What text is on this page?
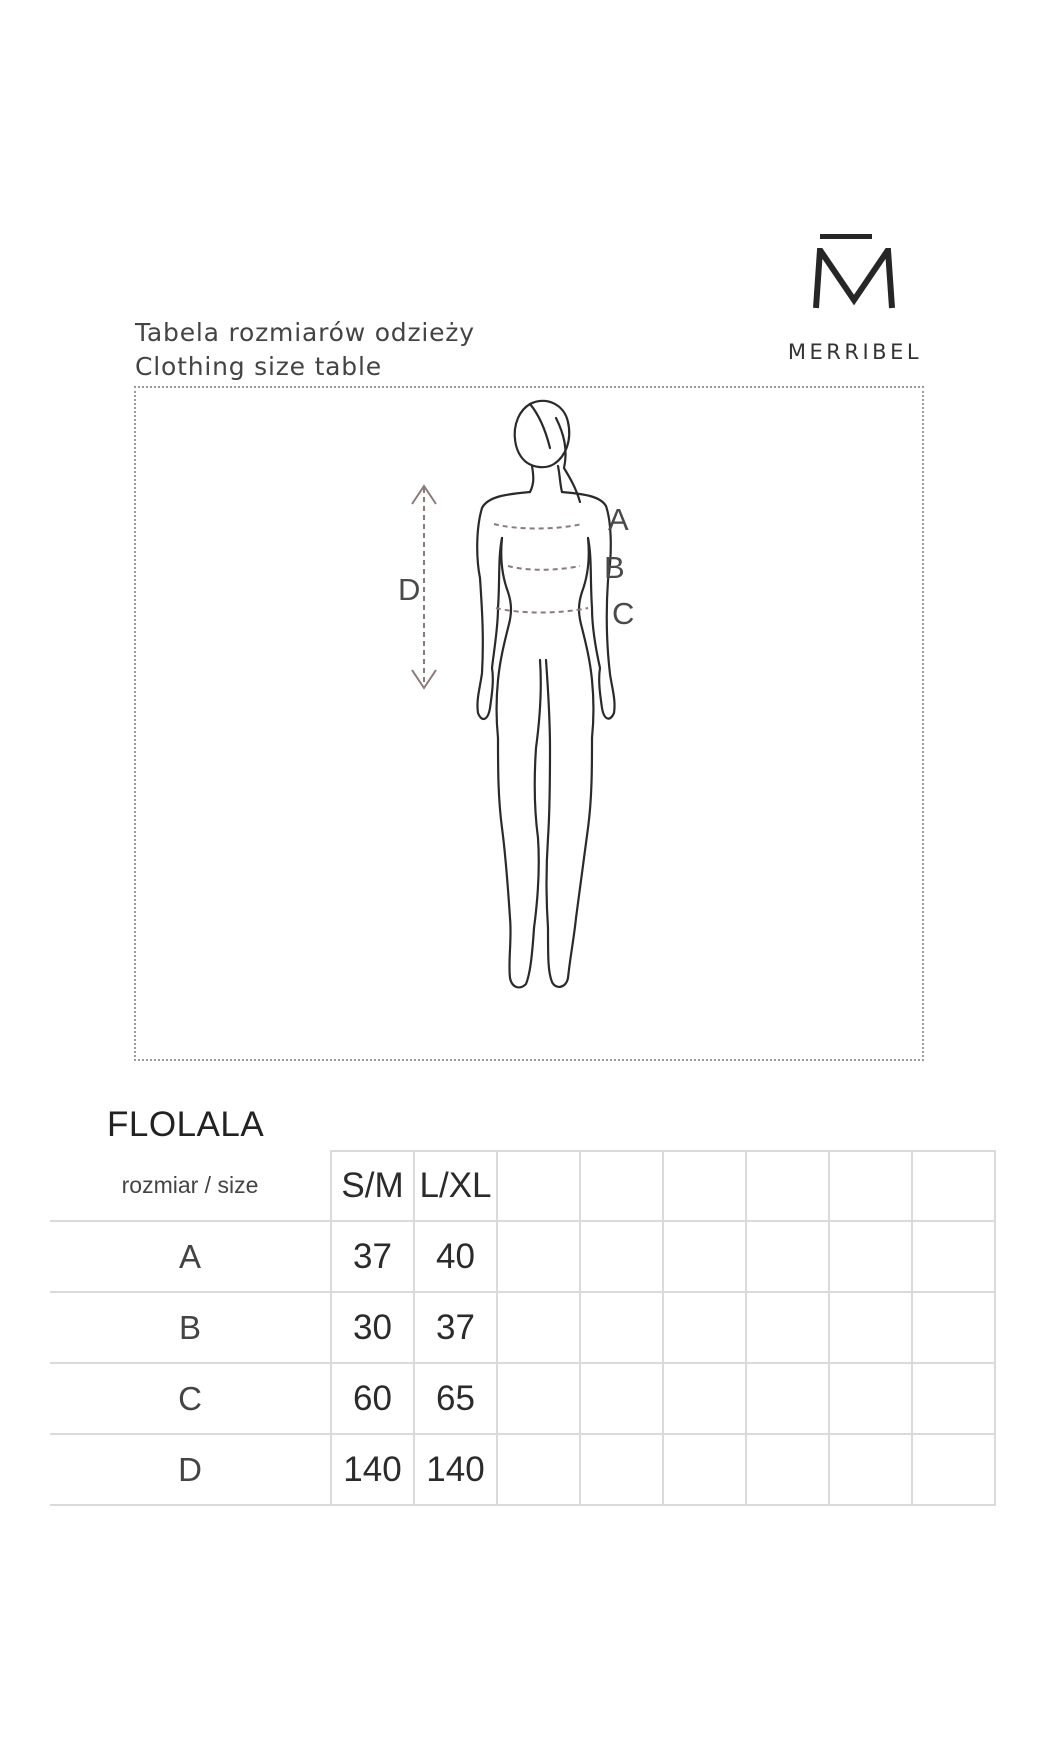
MERRIBEL
Tabela rozmiarów odzieży
Clothing size table
A
B
C
D
FLOLALA
rozmiar / size	S/M	L/XL						
A	37	40						
B	30	37						
C	60	65						
D	140	140						
